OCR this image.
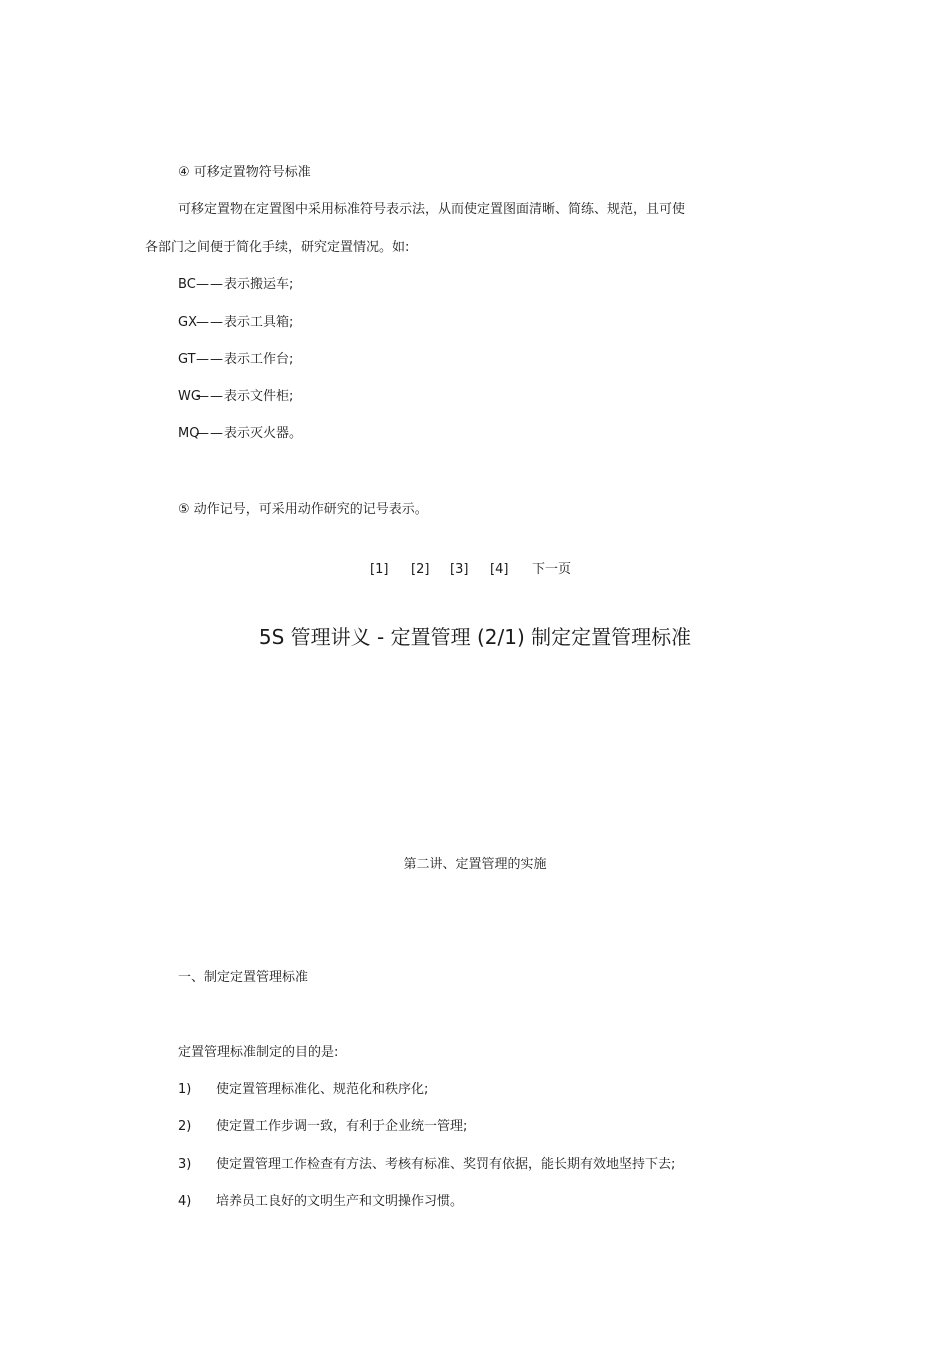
④ 可移定置物符号标准
可移定置物在定置图中采用标准符号表示法，从而使定置图面清晰、简练、规范，且可使
各部门之间便于简化手续，研究定置情况。如:
BC——表示搬运车;
GX——表示工具箱;
GT——表示工作台;
WG——表示文件柜;
MQ——表示灭火器。
⑤ 动作记号，可采用动作研究的记号表示。
[1] [2] [3] [4] 下一页
5S 管理讲义 - 定置管理 (2/1) 制定定置管理标准
第二讲、定置管理的实施
一、制定定置管理标准
定置管理标准制定的目的是:
1) 使定置管理标准化、规范化和秩序化;
2) 使定置工作步调一致，有利于企业统一管理;
3) 使定置管理工作检查有方法、考核有标准、奖罚有依据，能长期有效地坚持下去;
4) 培养员工良好的文明生产和文明操作习惯。
